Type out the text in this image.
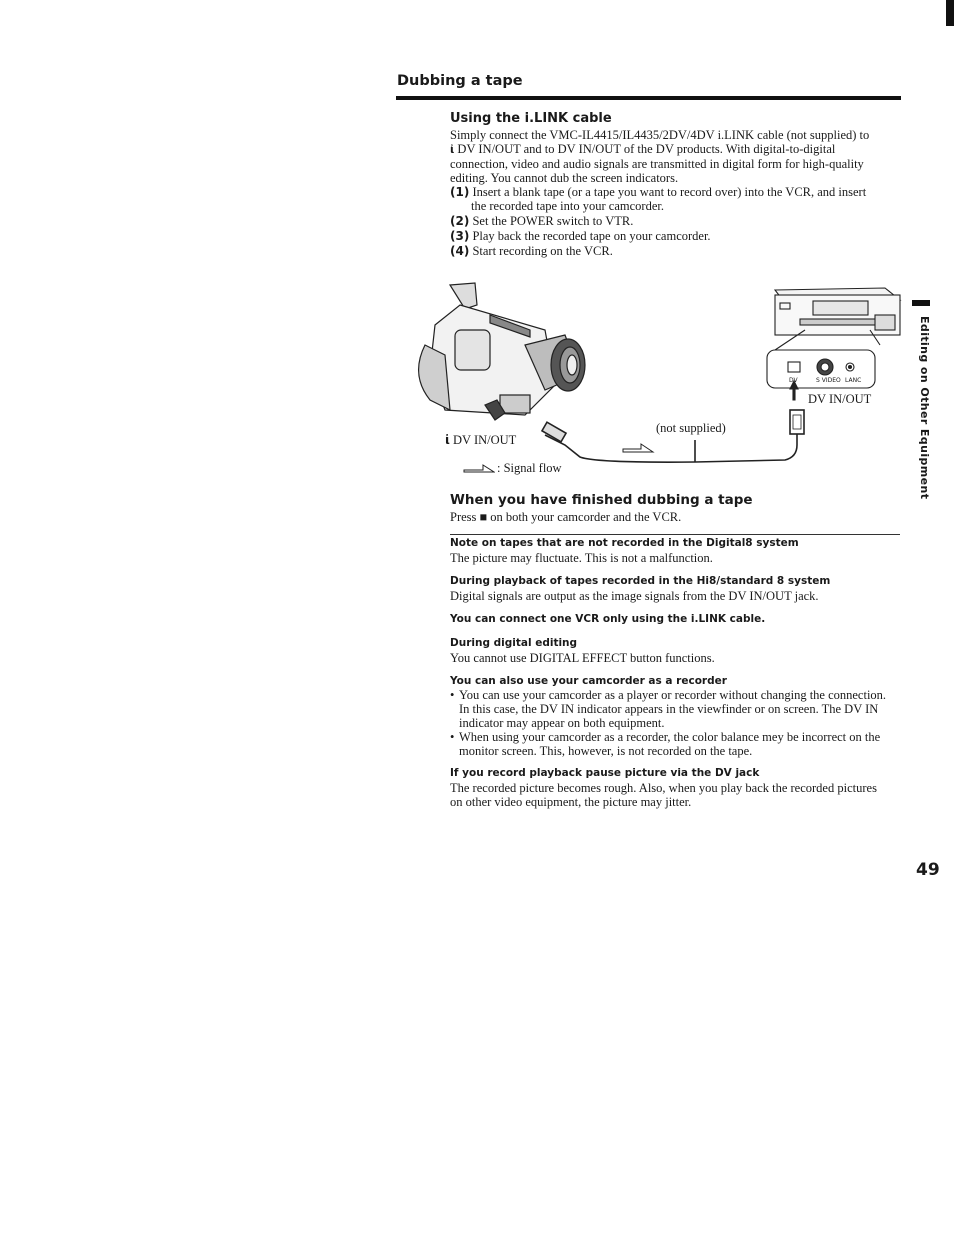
Dubbing a tape
Using the i.LINK cable
Simply connect the VMC-IL4415/IL4435/2DV/4DV i.LINK cable (not supplied) to
ἰ DV IN/OUT and to DV IN/OUT of the DV products. With digital-to-digital
connection, video and audio signals are transmitted in digital form for high-quality
editing. You cannot dub the screen indicators.
(1) Insert a blank tape (or a tape you want to record over) into the VCR, and insert
the recorded tape into your camcorder.
(2) Set the POWER switch to VTR.
(3) Play back the recorded tape on your camcorder.
(4) Start recording on the VCR.
DV	S VIDEO LANC
DV IN/OUT
(not supplied)
ἰ DV IN/OUT
: Signal flow
When you have finished dubbing a tape
Press ■ on both your camcorder and the VCR.
Note on tapes that are not recorded in the Digital8 system
The picture may fluctuate. This is not a malfunction.
During playback of tapes recorded in the Hi8/standard 8 system
Digital signals are output as the image signals from the DV IN/OUT jack.
You can connect one VCR only using the i.LINK cable.
During digital editing
You cannot use DIGITAL EFFECT button functions.
You can also use your camcorder as a recorder
• You can use your camcorder as a player or recorder without changing the connection.
In this case, the DV IN indicator appears in the viewfinder or on screen. The DV IN
indicator may appear on both equipment.
• When using your camcorder as a recorder, the color balance mey be incorrect on the
monitor screen. This, however, is not recorded on the tape.
If you record playback pause picture via the DV jack
The recorded picture becomes rough. Also, when you play back the recorded pictures
on other video equipment, the picture may jitter.
Editing on Other Equipment
49
